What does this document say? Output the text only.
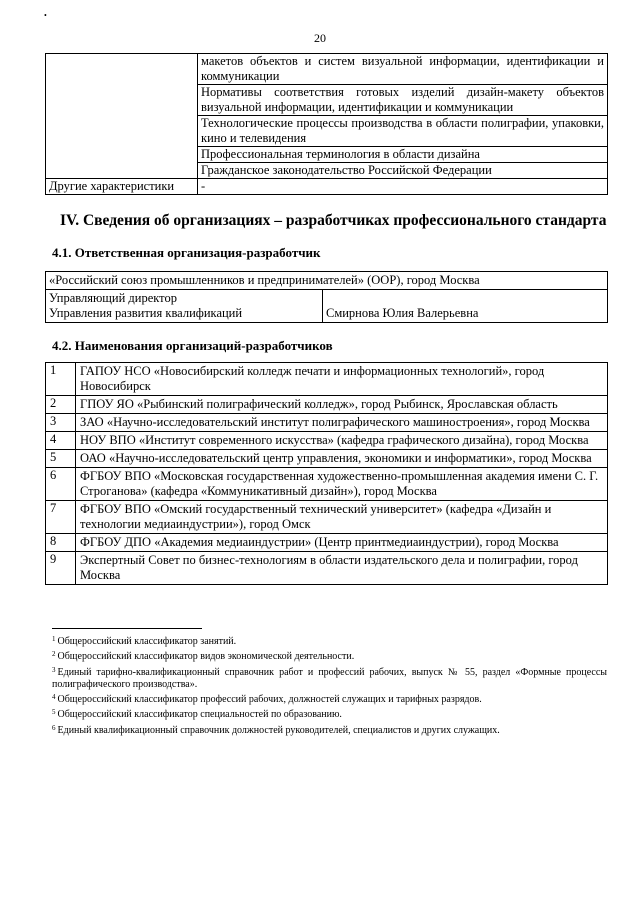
•
20
	макетов объектов и систем визуальной информации, идентификации и коммуникации
	Нормативы соответствия готовых изделий дизайн-макету объектов визуальной информации, идентификации и коммуникации
	Технологические процессы производства в области полиграфии, упаковки, кино и телевидения
	Профессиональная терминология в области дизайна
	Гражданское законодательство Российской Федерации
Другие характеристики	-
IV. Сведения об организациях – разработчиках профессионального стандарта
4.1. Ответственная организация-разработчик
«Российский союз промышленников и предпринимателей» (ООР), город Москва

Управляющий директор
Управления развития квалификаций	Смирнова Юлия Валерьевна
4.2. Наименования организаций-разработчиков
1	ГАПОУ НСО «Новосибирский колледж печати и информационных технологий», город Новосибирск
2	ГПОУ ЯО «Рыбинский полиграфический колледж», город Рыбинск, Ярославская область
3	ЗАО «Научно-исследовательский институт полиграфического машиностроения», город Москва
4	НОУ ВПО «Институт современного искусства» (кафедра графического дизайна), город Москва
5	ОАО «Научно-исследовательский центр управления, экономики и информатики», город Москва
6	ФГБОУ ВПО «Московская государственная художественно-промышленная академия имени С. Г. Строганова» (кафедра «Коммуникативный дизайн»), город Москва
7	ФГБОУ ВПО «Омский государственный технический университет» (кафедра «Дизайн и технологии медиаиндустрии»), город Омск
8	ФГБОУ ДПО «Академия медиаиндустрии» (Центр принтмедиаиндустрии), город Москва
9	Экспертный Совет по бизнес-технологиям в области издательского дела и полиграфии, город Москва
$^1$ Общероссийский классификатор занятий.
$^2$ Общероссийский классификатор видов экономической деятельности.
$^3$ Единый тарифно-квалификационный справочник работ и профессий рабочих, выпуск № 55, раздел «Формные процессы полиграфического производства».
$^4$ Общероссийский классификатор профессий рабочих, должностей служащих и тарифных разрядов.
$^5$ Общероссийский классификатор специальностей по образованию.
$^6$ Единый квалификационный справочник должностей руководителей, специалистов и других служащих.
